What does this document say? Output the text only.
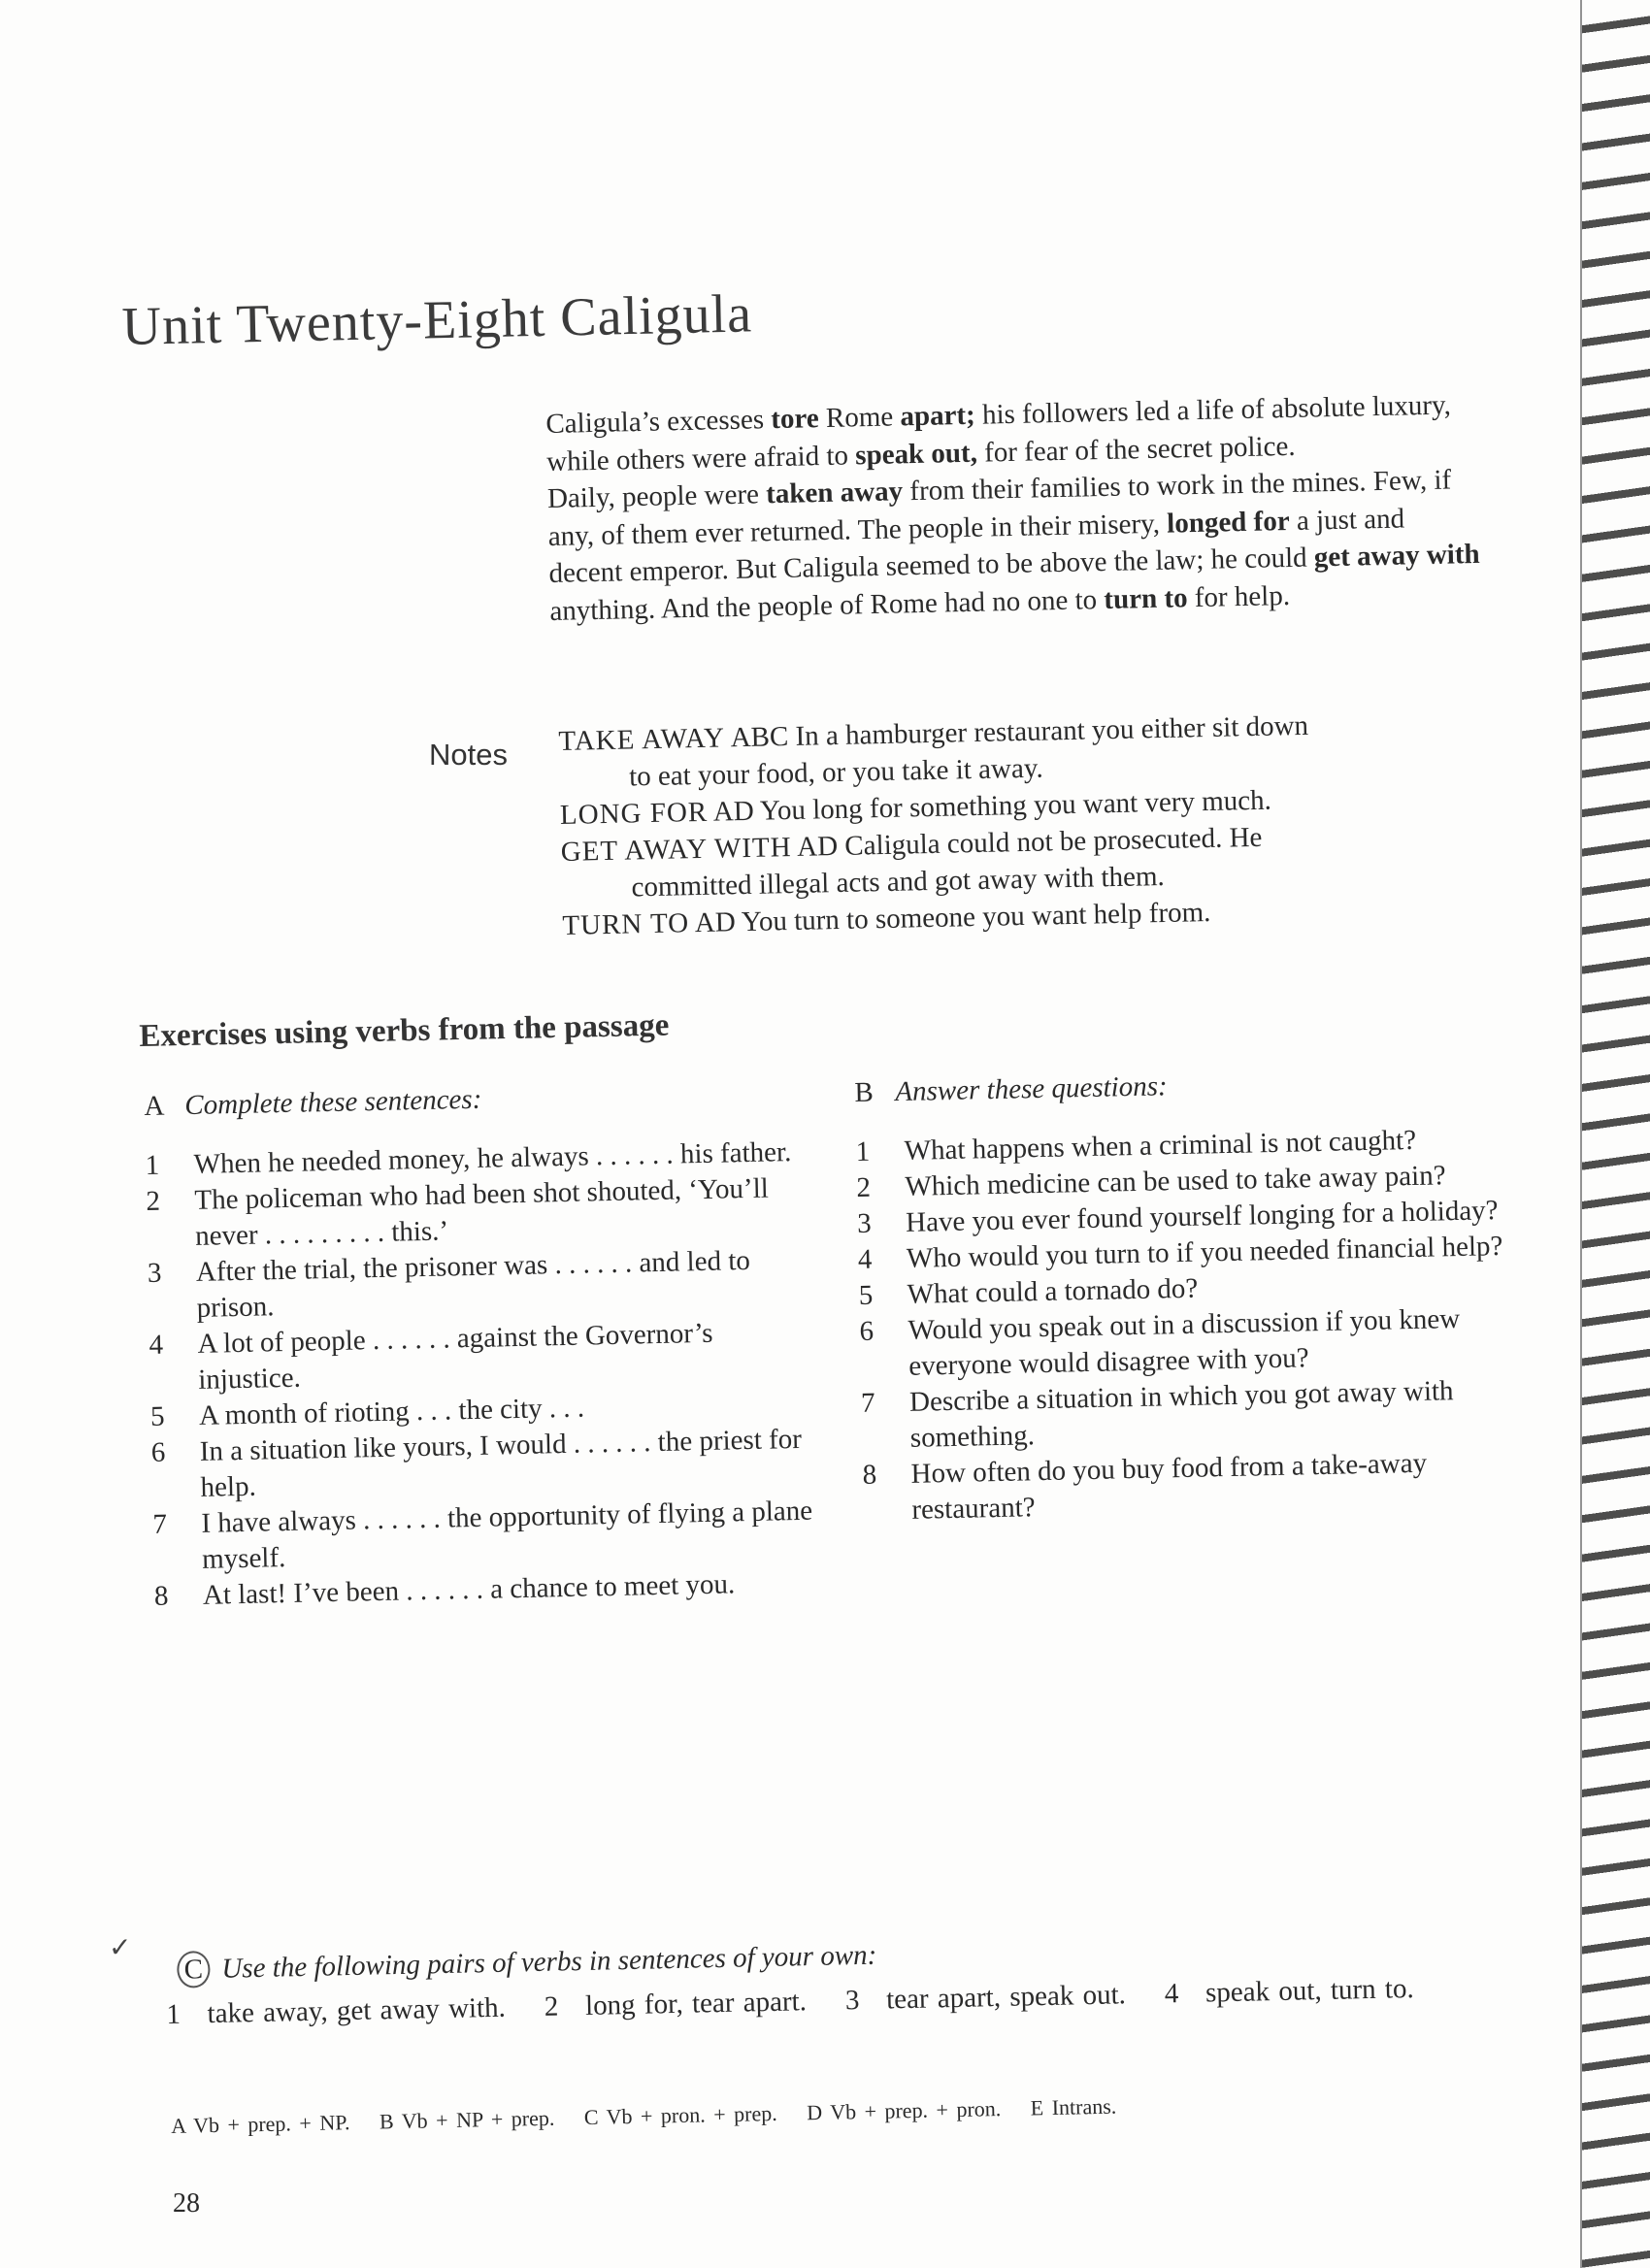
Unit Twenty-Eight Caligula

Caligula’s excesses tore Rome apart; his followers led a life of absolute luxury, while others were afraid to speak out, for fear of the secret police.

Daily, people were taken away from their families to work in the mines. Few, if any, of them ever returned. The people in their misery, longed for a just and decent emperor. But Caligula seemed to be above the law; he could get away with anything. And the people of Rome had no one to turn to for help.

Notes TAKE AWAY ABC In a hamburger restaurant you either sit down
to eat your food, or you take it away.

LONG FOR AD You long for something you want very much.

GET AWAY WITH AD Caligula could not be prosecuted. He
committed illegal acts and got away with them.

TURN TO AD You turn to someone you want help from.

Exercises using verbs from the passage

A Complete these sentences:

1	When he needed money, he always . . . . . . his father.

2	The policeman who had been shot shouted, ‘You’ll never . . . . . . . . . this.’

3	After the trial, the prisoner was . . . . . . and led to prison.

4	A lot of people . . . . . . against the Governor’s injustice.

5	A month of rioting . . . the city . . .

6	In a situation like yours, I would . . . . . . the priest for help.

7	I have always . . . . . . the opportunity of flying a plane myself.

8	At last! I’ve been . . . . . . a chance to meet you.

B Answer these questions:

1	What happens when a criminal is not caught?

2	Which medicine can be used to take away pain?

3	Have you ever found yourself longing for a holiday?

4	Who would you turn to if you needed financial help?

5	What could a tornado do?

6	Would you speak out in a discussion if you knew everyone would disagree with you?

7	Describe a situation in which you got away with something.

8	How often do you buy food from a take-away restaurant?

C Use the following pairs of verbs in sentences of your own:

1   take away, get away with. 2   long for, tear apart. 3   tear apart, speak out. 4   speak out, turn to.

A Vb + prep. + NP. B Vb + NP + prep. C Vb + pron. + prep. D Vb + prep. + pron. E Intrans.
28
✓
